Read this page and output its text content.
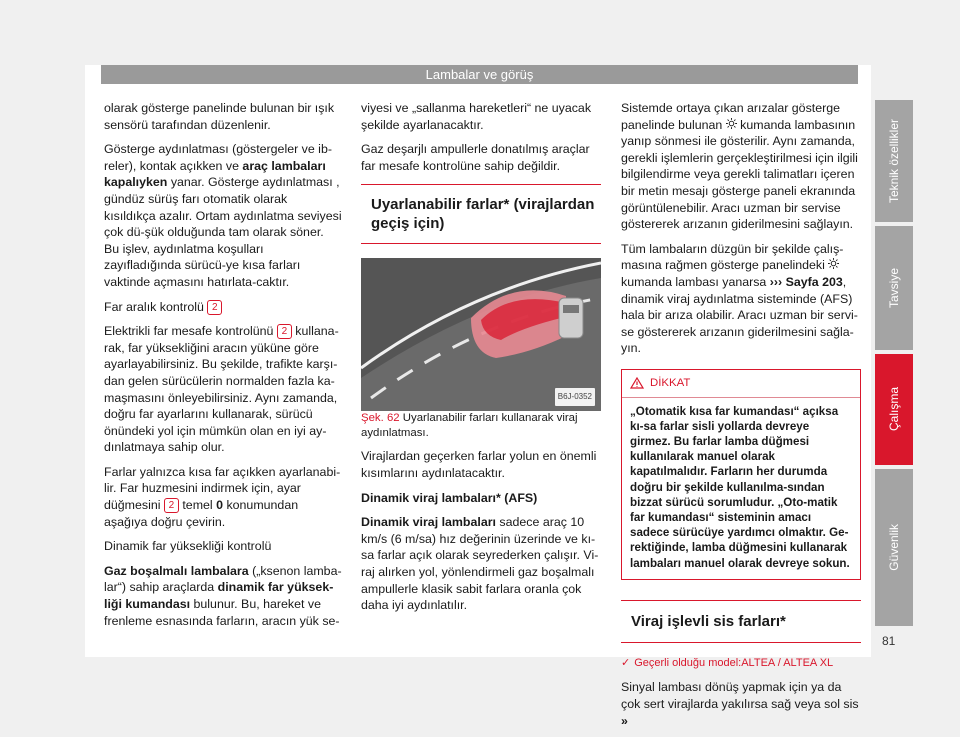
Lambalar ve görüş

olarak gösterge panelinde bulunan bir ışık sensörü tarafından düzenlenir.

Gösterge aydınlatması (göstergeler ve ib-reler), kontak açıkken ve araç lambaları kapalıyken yanar. Gösterge aydınlatması , gündüz sürüş farı otomatik olarak kısıldıkça azalır. Ortam aydınlatma seviyesi çok dü-şük olduğunda tam olarak söner. Bu işlev, aydınlatma koşulları zayıfladığında sürücü-ye kısa farları vaktinde açmasını hatırlata-caktır.

Far aralık kontrolü 2

Elektrikli far mesafe kontrolünü 2 kullana-rak, far yüksekliğini aracın yüküne göre ayarlayabilirsiniz. Bu şekilde, trafikte karşı-dan gelen sürücülerin normalden fazla ka-maşmasını önleyebilirsiniz. Aynı zamanda, doğru far ayarlarını kullanarak, sürücü önündeki yol için mümkün olan en iyi ay-dınlatmaya sahip olur.

Farlar yalnızca kısa far açıkken ayarlanabi-lir. Far huzmesini indirmek için, ayar düğmesini 2 temel 0 konumundan aşağıya doğru çevirin.

Dinamik far yüksekliği kontrolü

Gaz boşalmalı lambalara („ksenon lamba-lar“) sahip araçlarda dinamik far yüksek-liği kumandası bulunur. Bu, hareket ve frenleme esnasında farların, aracın yük se-

viyesi ve „sallanma hareketleri“ ne uyacak şekilde ayarlanacaktır.

Gaz deşarjlı ampullerle donatılmış araçlar far mesafe kontrolüne sahip değildir.

Uyarlanabilir farlar* (virajlardan geçiş için)
B6J-0352

Şek. 62 Uyarlanabilir farları kullanarak viraj aydınlatması.

Virajlardan geçerken farlar yolun en önemli kısımlarını aydınlatacaktır.

Dinamik viraj lambaları* (AFS)

Dinamik viraj lambaları sadece araç 10 km/s (6 m/sa) hız değerinin üzerinde ve kı-sa farlar açık olarak seyrederken çalışır. Vi-raj alırken yol, yönlendirmeli gaz boşalmalı ampullerle klasik sabit farlara oranla çok daha iyi aydınlatılır.

Sistemde ortaya çıkan arızalar gösterge panelinde bulunan  kumanda lambasının yanıp sönmesi ile gösterilir. Aynı zamanda, gerekli işlemlerin gerçekleştirilmesi için ilgili bilgilendirme veya gerekli talimatları içeren bir metin mesajı gösterge paneli ekranında görüntülenebilir. Aracı uzman bir servise göstererek arızanın giderilmesini sağlayın.

Tüm lambaların düzgün bir şekilde çalış-masına rağmen gösterge panelindeki  kumanda lambası yanarsa ››› Sayfa 203, dinamik viraj aydınlatma sisteminde (AFS) hala bir arıza olabilir. Aracı uzman bir servi-se göstererek arızanın giderilmesini sağla-yın.

DİKKAT
„Otomatik kısa far kumandası“ açıksa kı-sa farlar sisli yollarda devreye girmez. Bu farlar lamba düğmesi kullanılarak manuel olarak kapatılmalıdır. Farların her durumda doğru bir şekilde kullanılma-sından bizzat sürücü sorumludur. „Oto-matik far kumandası“ sisteminin amacı sadece sürücüye yardımcı olmaktır. Ge-rektiğinde, lamba düğmesini kullanarak lambaları manuel olarak devreye sokun.
Viraj işlevli sis farları*

✓ Geçerli olduğu model:ALTEA / ALTEA XL

Sinyal lambası dönüş yapmak için ya da çok sert virajlarda yakılırsa sağ veya sol sis »

Teknik özellikler
Tavsiye
Çalışma
Güvenlik
81
